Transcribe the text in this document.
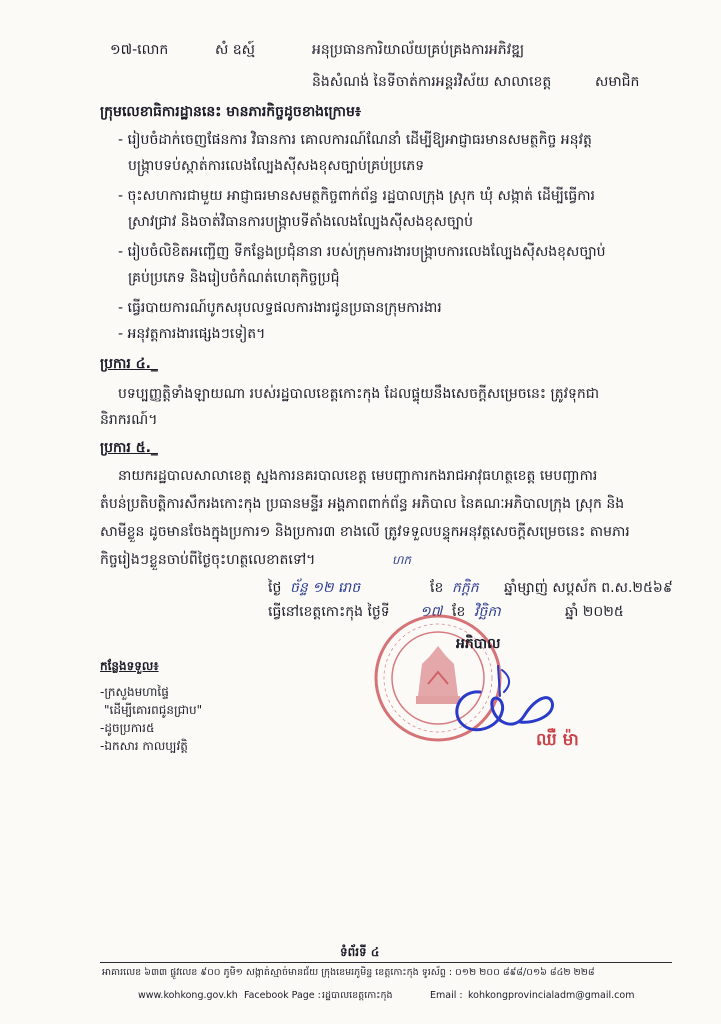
១៧-លោក	សំ ឧស្ម៍	អនុប្រធានការិយាល័យគ្រប់គ្រងការអភិវឌ្ឍ
និងសំណង់ នៃទីចាត់ការអន្តរវិស័យ សាលាខេត្ត	សមាជិក
ក្រុមលេខាធិការដ្ឋាននេះ មានភារកិច្ចដូចខាងក្រោម៖
- រៀបចំដាក់ចេញផែនការ វិធានការ គោលការណ៍ណែនាំ ដើម្បីឱ្យអាជ្ញាធរមានសមត្ថកិច្ច អនុវត្ត
បង្ក្រាបទប់ស្កាត់ការលេងល្បែងស៊ីសងខុសច្បាប់គ្រប់ប្រភេទ
- ចុះសហការជាមួយ អាជ្ញាធរមានសមត្ថកិច្ចពាក់ព័ន្ធ រដ្ឋបាលក្រុង ស្រុក ឃុំ សង្កាត់ ដើម្បីធ្វើការ
ស្រាវជ្រាវ និងចាត់វិធានការបង្ក្រាបទីតាំងលេងល្បែងស៊ីសងខុសច្បាប់
- រៀបចំលិខិតអញ្ជើញ ទីកន្លែងប្រជុំនានា របស់ក្រុមការងារបង្ក្រាបការលេងល្បែងស៊ីសងខុសច្បាប់
គ្រប់ប្រភេទ និងរៀបចំកំណត់ហេតុកិច្ចប្រជុំ
- ធ្វើរបាយការណ៍បូកសរុបលទ្ធផលការងារជូនប្រធានក្រុមការងារ
- អនុវត្តការងារផ្សេងៗទៀត។
ប្រការ ៤._
បទប្បញ្ញត្តិទាំងឡាយណា របស់រដ្ឋបាលខេត្តកោះកុង ដែលផ្ទុយនឹងសេចក្តីសម្រេចនេះ ត្រូវទុកជា
និរាករណ៍។
ប្រការ ៥._
នាយករដ្ឋបាលសាលាខេត្ត ស្នងការនគរបាលខេត្ត មេបញ្ជាការកងរាជអាវុធហត្ថខេត្ត មេបញ្ជាការ
តំបន់ប្រតិបត្តិការសឹករងកោះកុង ប្រធានមន្ទីរ អង្គភាពពាក់ព័ន្ធ អភិបាល នៃគណៈអភិបាលក្រុង ស្រុក និង
សាមីខ្លួន ដូចមានចែងក្នុងប្រការ១ និងប្រការ៣ ខាងលើ ត្រូវទទួលបន្ទុកអនុវត្តសេចក្តីសម្រេចនេះ តាមភារ
កិច្ចរៀងៗខ្លួនចាប់ពីថ្ងៃចុះហត្ថលេខាតទៅ។	ហក
ថ្ងៃ ច័ន្ទ ១២ រោច	ខែ កក្តិក ឆ្នាំម្សាញ់ សប្តស័ក ព.ស.២៥៦៩
ធ្វើនៅខេត្តកោះកុង ថ្ងៃទី ១៧ ខែ វិច្ឆិកា	ឆ្នាំ ២០២៥
អភិបាល
ឈឺ ម៉ា
កន្លែងទទួល៖
-ក្រសួងមហាផ្ទៃ
"ដើម្បីគោរពជូនជ្រាប"
-ដូចប្រការ៥
-ឯកសារ កាលប្បវត្តិ
ទំព័រទី ៤
អាគារលេខ ៦៣៣ ផ្លូវលេខ ៩០០ ភូមិ១ សង្កាត់ស្មាច់មានជ័យ ក្រុងខេមរភូមិន្ទ ខេត្តកោះកុង ទូរស័ព្ទ : ០១២ ២០០ ៨៩៨/០១៦ ៨៤២ ២២៨
www.kohkong.gov.kh Facebook Page : រដ្ឋបាលខេត្តកោះកុង	Email : kohkongprovincialadm@gmail.com
